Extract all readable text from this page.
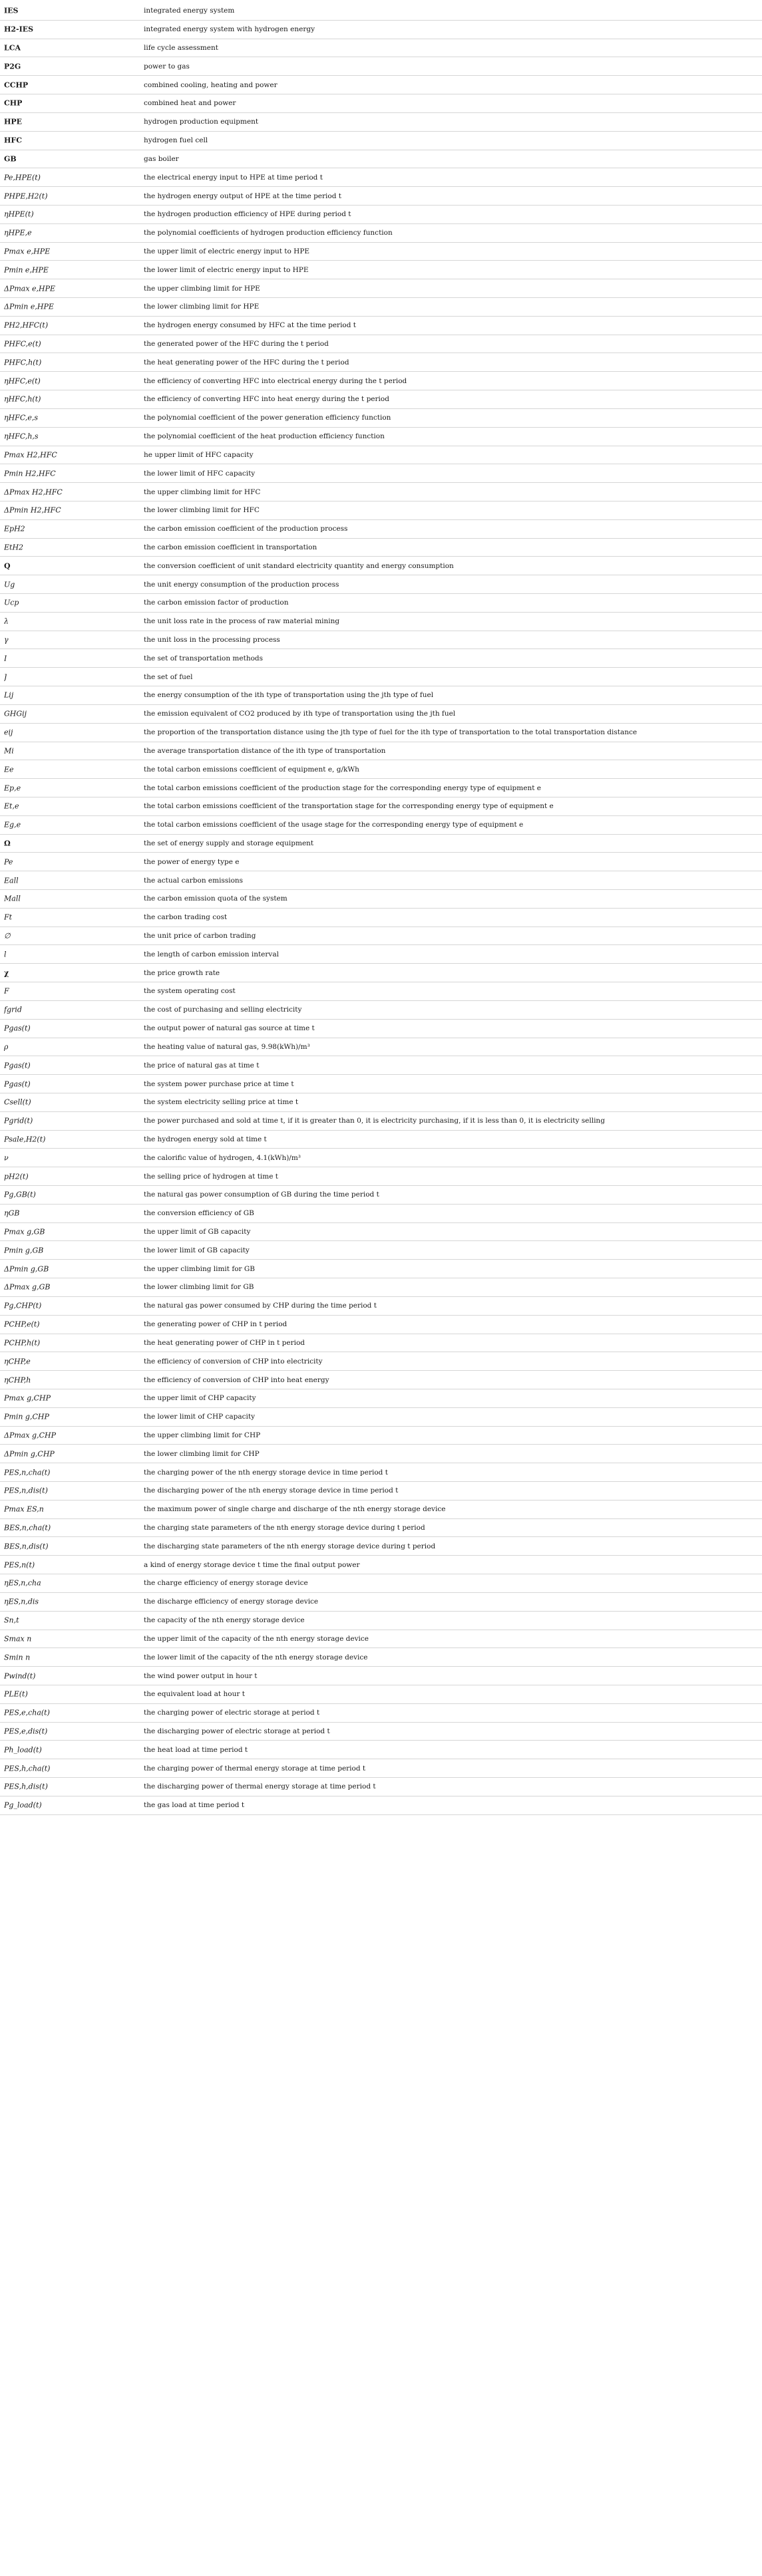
IES	integrated energy system
H2-IES	integrated energy system with hydrogen energy
LCA	life cycle assessment
P2G	power to gas
CCHP	combined cooling, heating and power
CHP	combined heat and power
HPE	hydrogen production equipment
HFC	hydrogen fuel cell
GB	gas boiler
Pe,HPE(t)	the electrical energy input to HPE at time period t
PHPE,H2(t)	the hydrogen energy output of HPE at the time period t
ηHPE(t)	the hydrogen production efficiency of HPE during period t
ηHPE,e	the polynomial coefficients of hydrogen production efficiency function
Pmax e,HPE	the upper limit of electric energy input to HPE
Pmin e,HPE	the lower limit of electric energy input to HPE
ΔPmax e,HPE	the upper climbing limit for HPE
ΔPmin e,HPE	the lower climbing limit for HPE
PH2,HFC(t)	the hydrogen energy consumed by HFC at the time period t
PHFC,e(t)	the generated power of the HFC during the t period
PHFC,h(t)	the heat generating power of the HFC during the t period
ηHFC,e(t)	the efficiency of converting HFC into electrical energy during the t period
ηHFC,h(t)	the efficiency of converting HFC into heat energy during the t period
ηHFC,e,s	the polynomial coefficient of the power generation efficiency function
ηHFC,h,s	the polynomial coefficient of the heat production efficiency function
Pmax H2,HFC	he upper limit of HFC capacity
Pmin H2,HFC	the lower limit of HFC capacity
ΔPmax H2,HFC	the upper climbing limit for HFC
ΔPmin H2,HFC	the lower climbing limit for HFC
EpH2	the carbon emission coefficient of the production process
EtH2	the carbon emission coefficient in transportation
Q	the conversion coefficient of unit standard electricity quantity and energy consumption
Ug	the unit energy consumption of the production process
Ucp	the carbon emission factor of production
λ	the unit loss rate in the process of raw material mining
γ	the unit loss in the processing process
I	the set of transportation methods
J	the set of fuel
Lij	the energy consumption of the ith type of transportation using the jth type of fuel
GHGij	the emission equivalent of CO2 produced by ith type of transportation using the jth fuel
eij	the proportion of the transportation distance using the jth type of fuel for the ith type of transportation to the total transportation distance
Mi	the average transportation distance of the ith type of transportation
Ee	the total carbon emissions coefficient of equipment e, g/kWh
Ep,e	the total carbon emissions coefficient of the production stage for the corresponding energy type of equipment e
Et,e	the total carbon emissions coefficient of the transportation stage for the corresponding energy type of equipment e
Eg,e	the total carbon emissions coefficient of the usage stage for the corresponding energy type of equipment e
Ω	the set of energy supply and storage equipment
Pe	the power of energy type e
Eall	the actual carbon emissions
Mall	the carbon emission quota of the system
Ft	the carbon trading cost
∅	the unit price of carbon trading
l	the length of carbon emission interval
χ	the price growth rate
F	the system operating cost
fgrid	the cost of purchasing and selling electricity
Pgas(t)	the output power of natural gas source at time t
ρ	the heating value of natural gas, 9.98(kWh)/m³
Pgas(t)	the price of natural gas at time t
Pgas(t)	the system power purchase price at time t
Csell(t)	the system electricity selling price at time t
Pgrid(t)	the power purchased and sold at time t, if it is greater than 0, it is electricity purchasing, if it is less than 0, it is electricity selling
Psale,H2(t)	the hydrogen energy sold at time t
ν	the calorific value of hydrogen, 4.1(kWh)/m³
pH2(t)	the selling price of hydrogen at time t
Pg,GB(t)	the natural gas power consumption of GB during the time period t
ηGB	the conversion efficiency of GB
Pmax g,GB	the upper limit of GB capacity
Pmin g,GB	the lower limit of GB capacity
ΔPmin g,GB	the upper climbing limit for GB
ΔPmax g,GB	the lower climbing limit for GB
Pg,CHP(t)	the natural gas power consumed by CHP during the time period t
PCHP,e(t)	the generating power of CHP in t period
PCHP,h(t)	the heat generating power of CHP in t period
ηCHP,e	the efficiency of conversion of CHP into electricity
ηCHP,h	the efficiency of conversion of CHP into heat energy
Pmax g,CHP	the upper limit of CHP capacity
Pmin g,CHP	the lower limit of CHP capacity
ΔPmax g,CHP	the upper climbing limit for CHP
ΔPmin g,CHP	the lower climbing limit for CHP
PES,n,cha(t)	the charging power of the nth energy storage device in time period t
PES,n,dis(t)	the discharging power of the nth energy storage device in time period t
Pmax ES,n	the maximum power of single charge and discharge of the nth energy storage device
BES,n,cha(t)	the charging state parameters of the nth energy storage device during t period
BES,n,dis(t)	the discharging state parameters of the nth energy storage device during t period
PES,n(t)	a kind of energy storage device t time the final output power
ηES,n,cha	the charge efficiency of energy storage device
ηES,n,dis	the discharge efficiency of energy storage device
Sn,t	the capacity of the nth energy storage device
Smax n	the upper limit of the capacity of the nth energy storage device
Smin n	the lower limit of the capacity of the nth energy storage device
Pwind(t)	the wind power output in hour t
PLE(t)	the equivalent load at hour t
PES,e,cha(t)	the charging power of electric storage at period t
PES,e,dis(t)	the discharging power of electric storage at period t
Ph_load(t)	the heat load at time period t
PES,h,cha(t)	the charging power of thermal energy storage at time period t
PES,h,dis(t)	the discharging power of thermal energy storage at time period t
Pg_load(t)	the gas load at time period t
